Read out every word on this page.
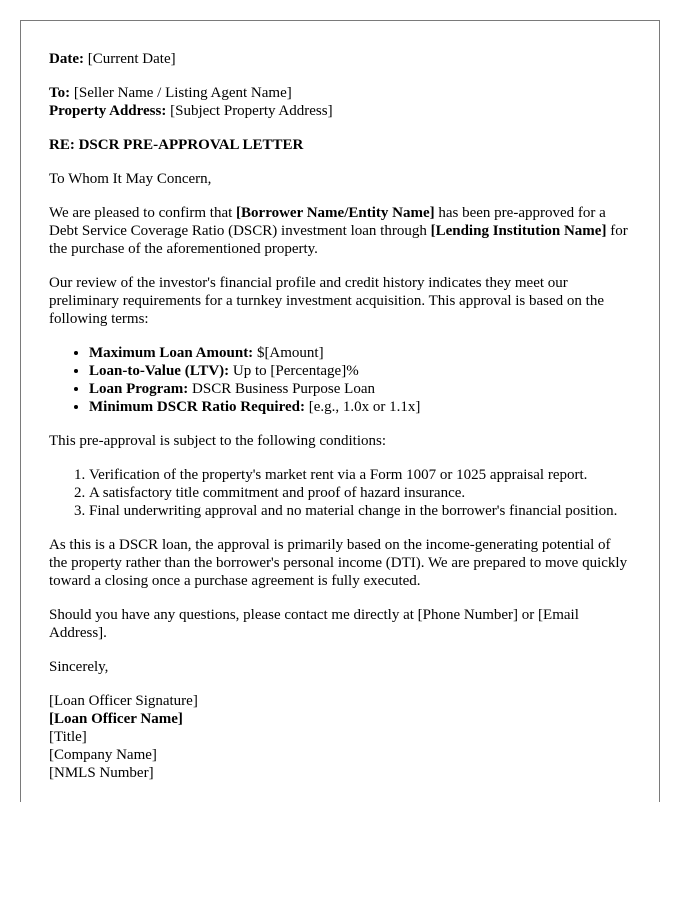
Date: [Current Date]

To: [Seller Name / Listing Agent Name]

Property Address: [Subject Property Address]

RE: DSCR PRE-APPROVAL LETTER

To Whom It May Concern,

We are pleased to confirm that [Borrower Name/Entity Name] has been pre-approved for a Debt Service Coverage Ratio (DSCR) investment loan through [Lending Institution Name] for the purchase of the aforementioned property.

Our review of the investor's financial profile and credit history indicates they meet our preliminary requirements for a turnkey investment acquisition. This approval is based on the following terms:

• Maximum Loan Amount: $[Amount]
• Loan-to-Value (LTV): Up to [Percentage]%
• Loan Program: DSCR Business Purpose Loan
• Minimum DSCR Ratio Required: [e.g., 1.0x or 1.1x]

This pre-approval is subject to the following conditions:

1. Verification of the property's market rent via a Form 1007 or 1025 appraisal report.
2. A satisfactory title commitment and proof of hazard insurance.
3. Final underwriting approval and no material change in the borrower's financial position.

As this is a DSCR loan, the approval is primarily based on the income-generating potential of the property rather than the borrower's personal income (DTI). We are prepared to move quickly toward a closing once a purchase agreement is fully executed.

Should you have any questions, please contact me directly at [Phone Number] or [Email Address].

Sincerely,

[Loan Officer Signature]
[Loan Officer Name]
[Title]
[Company Name]
[NMLS Number]
